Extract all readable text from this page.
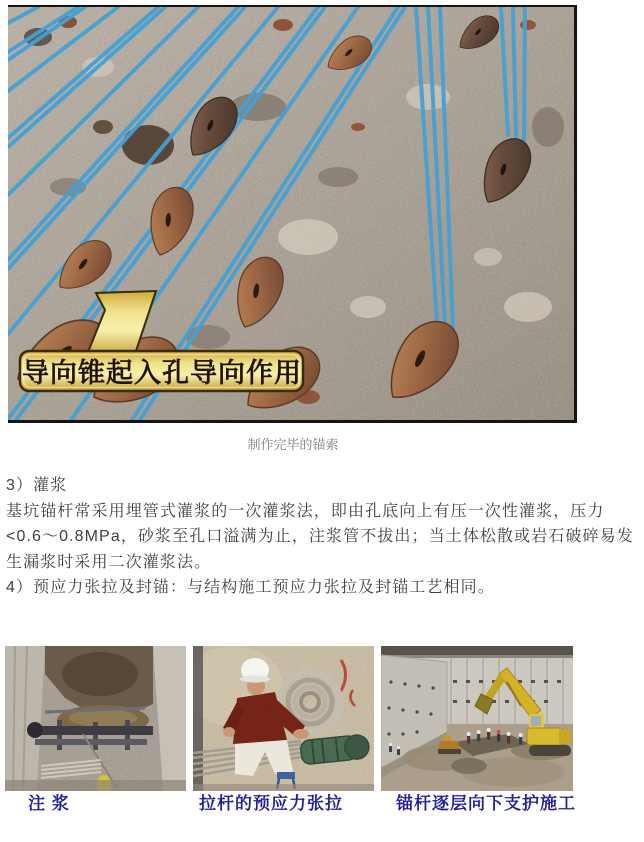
导向锥起入孔导向作用
制作完毕的锚索
3）灌浆
基坑锚杆常采用埋管式灌浆的一次灌浆法，即由孔底向上有压一次性灌浆，压力
<0.6～0.8MPa，砂浆至孔口溢满为止，注浆管不拔出；当土体松散或岩石破碎易发
生漏浆时采用二次灌浆法。
4）预应力张拉及封锚：与结构施工预应力张拉及封锚工艺相同。
注 浆	拉杆的预应力张拉	锚杆逐层向下支护施工
